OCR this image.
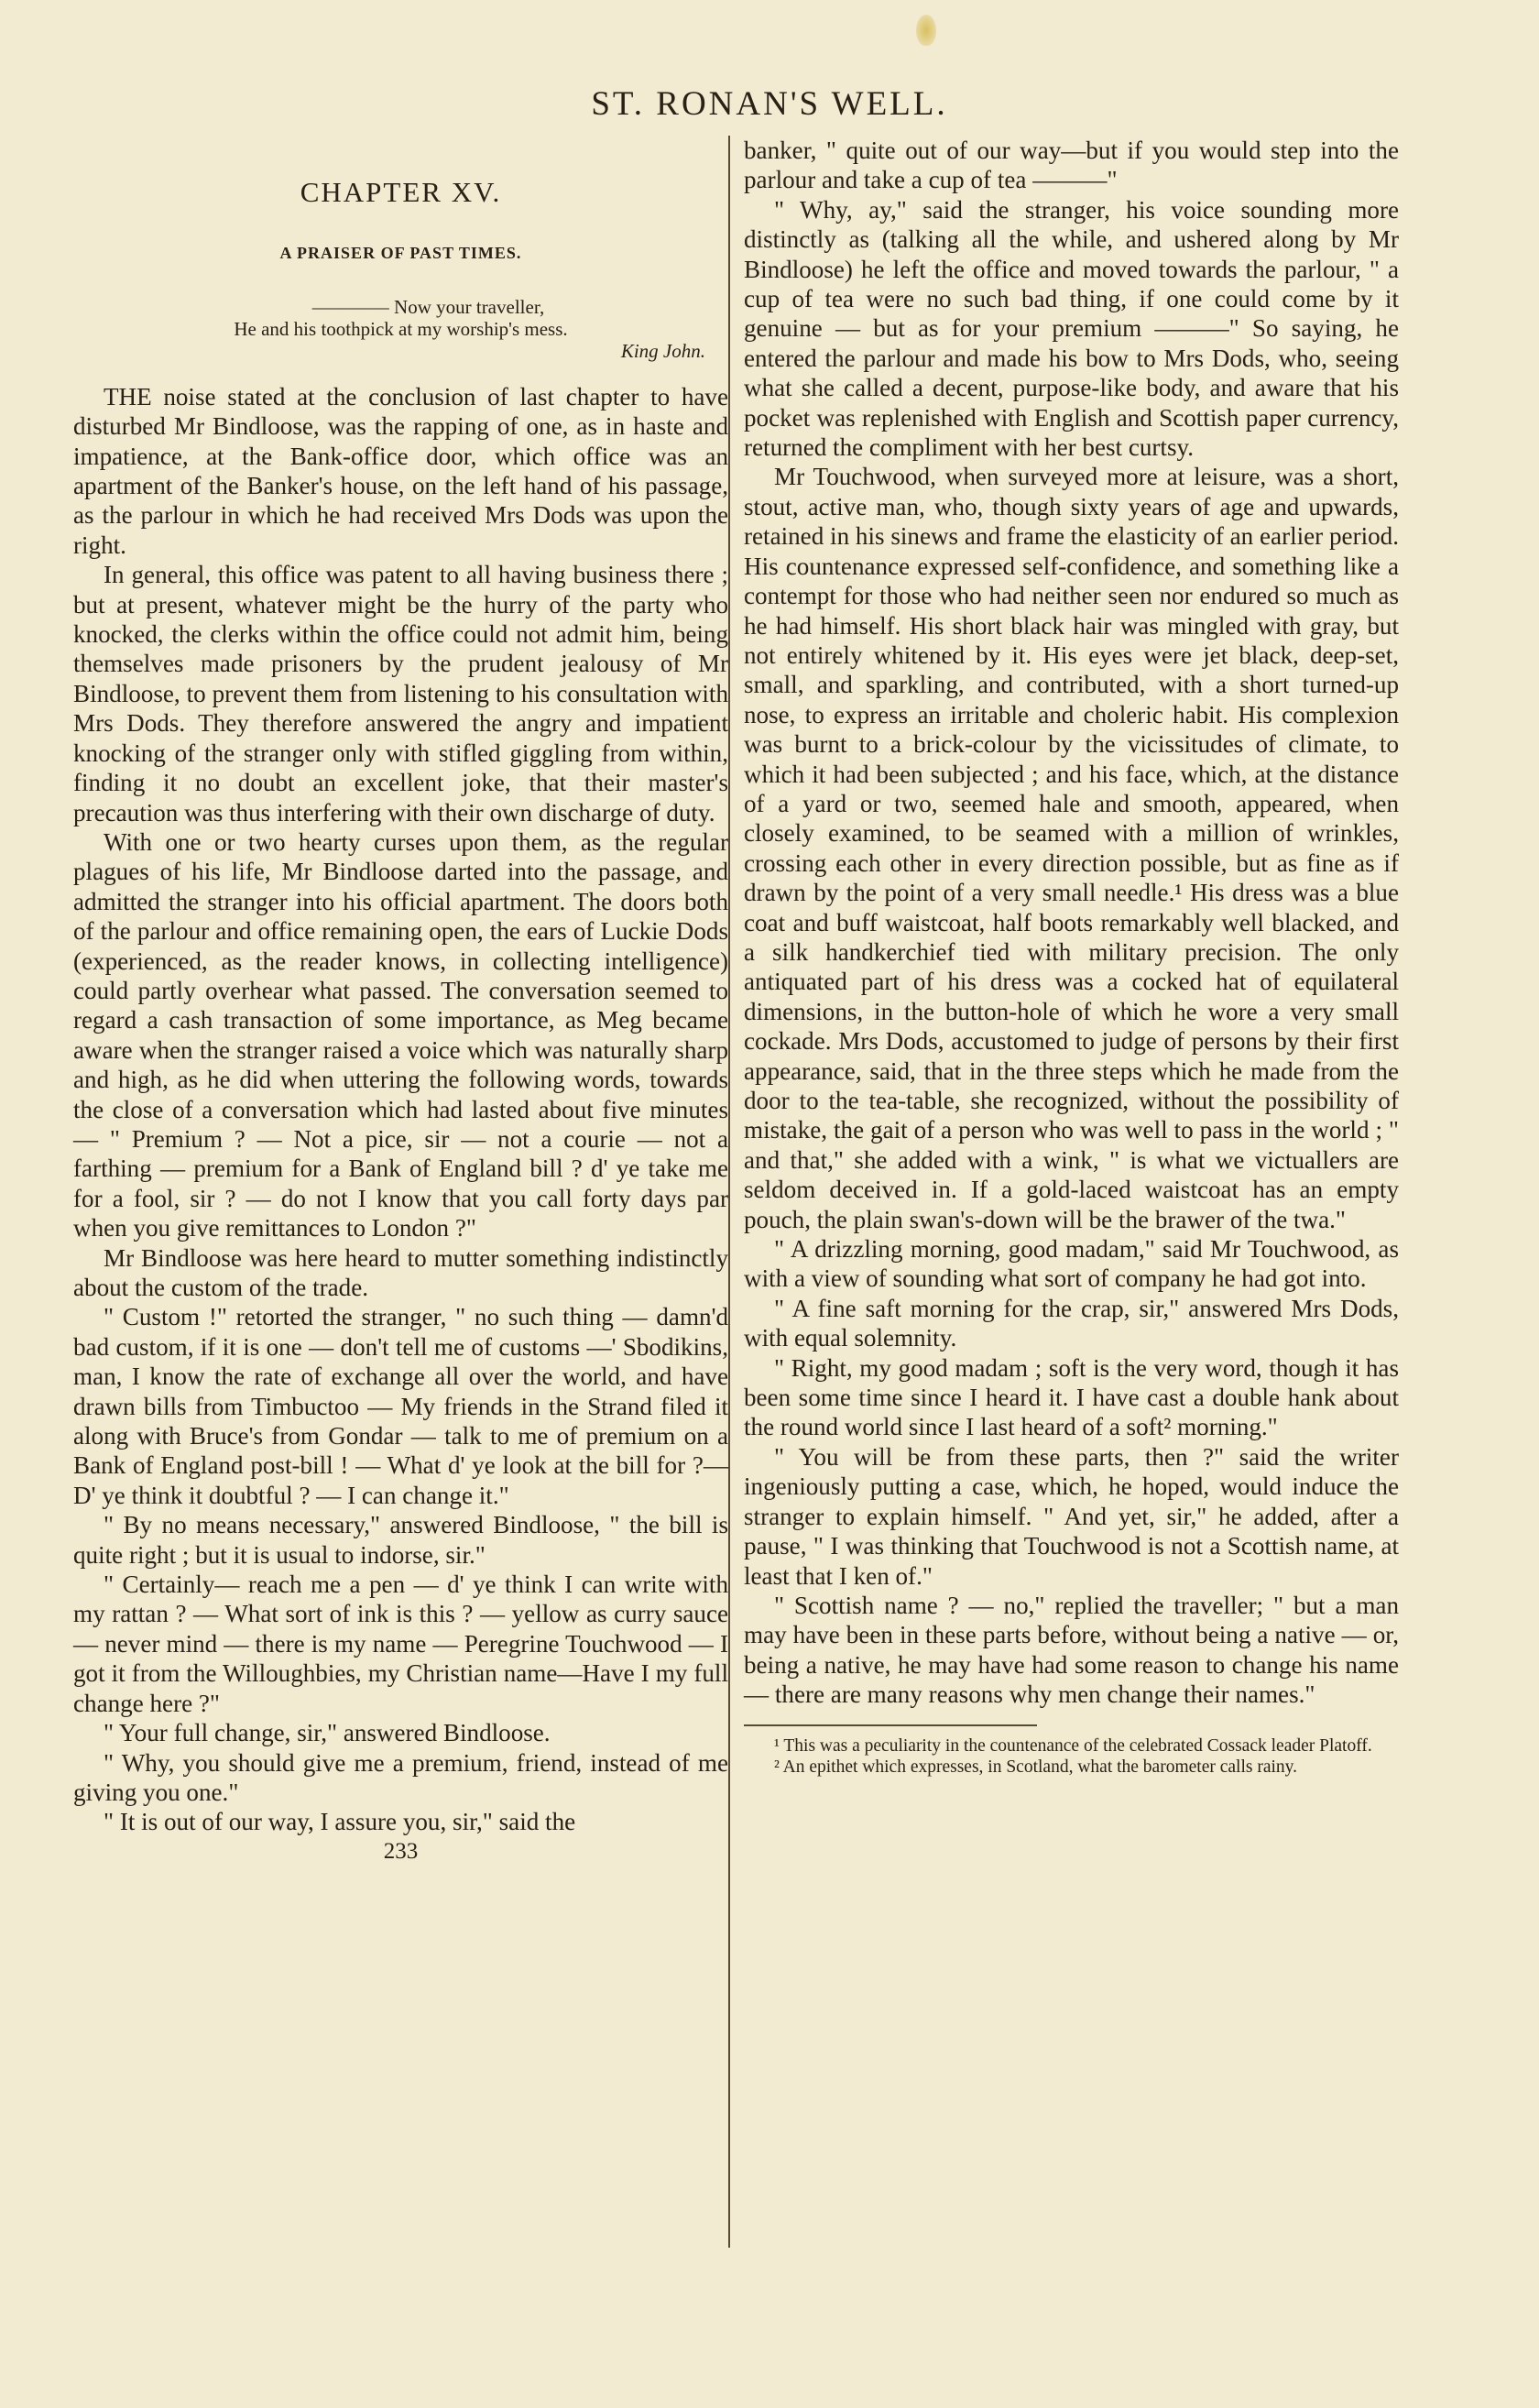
ST. RONAN'S WELL.
CHAPTER XV.
A PRAISER OF PAST TIMES.
———— Now your traveller,
He and his toothpick at my worship's mess.
King John.

THE noise stated at the conclusion of last chapter to have disturbed Mr Bindloose, was the rapping of one, as in haste and impatience, at the Bank-office door, which office was an apartment of the Banker's house, on the left hand of his passage, as the parlour in which he had received Mrs Dods was upon the right.

In general, this office was patent to all having business there ; but at present, whatever might be the hurry of the party who knocked, the clerks within the office could not admit him, being themselves made prisoners by the prudent jealousy of Mr Bindloose, to prevent them from listening to his consultation with Mrs Dods. They therefore answered the angry and impatient knocking of the stranger only with stifled giggling from within, finding it no doubt an excellent joke, that their master's precaution was thus interfering with their own discharge of duty.

With one or two hearty curses upon them, as the regular plagues of his life, Mr Bindloose darted into the passage, and admitted the stranger into his official apartment. The doors both of the parlour and office remaining open, the ears of Luckie Dods (experienced, as the reader knows, in collecting intelligence) could partly overhear what passed. The conversation seemed to regard a cash transaction of some importance, as Meg became aware when the stranger raised a voice which was naturally sharp and high, as he did when uttering the following words, towards the close of a conversation which had lasted about five minutes — " Premium ? — Not a pice, sir — not a courie — not a farthing — premium for a Bank of England bill ? d' ye take me for a fool, sir ? — do not I know that you call forty days par when you give remittances to London ?"

Mr Bindloose was here heard to mutter something indistinctly about the custom of the trade.

" Custom !" retorted the stranger, " no such thing — damn'd bad custom, if it is one — don't tell me of customs —' Sbodikins, man, I know the rate of exchange all over the world, and have drawn bills from Timbuctoo — My friends in the Strand filed it along with Bruce's from Gondar — talk to me of premium on a Bank of England post-bill ! — What d' ye look at the bill for ?—D' ye think it doubtful ? — I can change it."

" By no means necessary," answered Bindloose, " the bill is quite right ; but it is usual to indorse, sir."

" Certainly— reach me a pen — d' ye think I can write with my rattan ? — What sort of ink is this ? — yellow as curry sauce — never mind — there is my name — Peregrine Touchwood — I got it from the Willoughbies, my Christian name—Have I my full change here ?"

" Your full change, sir," answered Bindloose.

" Why, you should give me a premium, friend, instead of me giving you one."

" It is out of our way, I assure you, sir," said the

233

banker, " quite out of our way—but if you would step into the parlour and take a cup of tea ———"

" Why, ay," said the stranger, his voice sounding more distinctly as (talking all the while, and ushered along by Mr Bindloose) he left the office and moved towards the parlour, " a cup of tea were no such bad thing, if one could come by it genuine — but as for your premium ———" So saying, he entered the parlour and made his bow to Mrs Dods, who, seeing what she called a decent, purpose-like body, and aware that his pocket was replenished with English and Scottish paper currency, returned the compliment with her best curtsy.

Mr Touchwood, when surveyed more at leisure, was a short, stout, active man, who, though sixty years of age and upwards, retained in his sinews and frame the elasticity of an earlier period. His countenance expressed self-confidence, and something like a contempt for those who had neither seen nor endured so much as he had himself. His short black hair was mingled with gray, but not entirely whitened by it. His eyes were jet black, deep-set, small, and sparkling, and contributed, with a short turned-up nose, to express an irritable and choleric habit. His complexion was burnt to a brick-colour by the vicissitudes of climate, to which it had been subjected ; and his face, which, at the distance of a yard or two, seemed hale and smooth, appeared, when closely examined, to be seamed with a million of wrinkles, crossing each other in every direction possible, but as fine as if drawn by the point of a very small needle.¹ His dress was a blue coat and buff waistcoat, half boots remarkably well blacked, and a silk handkerchief tied with military precision. The only antiquated part of his dress was a cocked hat of equilateral dimensions, in the button-hole of which he wore a very small cockade. Mrs Dods, accustomed to judge of persons by their first appearance, said, that in the three steps which he made from the door to the tea-table, she recognized, without the possibility of mistake, the gait of a person who was well to pass in the world ; " and that," she added with a wink, " is what we victuallers are seldom deceived in. If a gold-laced waistcoat has an empty pouch, the plain swan's-down will be the brawer of the twa."

" A drizzling morning, good madam," said Mr Touchwood, as with a view of sounding what sort of company he had got into.

" A fine saft morning for the crap, sir," answered Mrs Dods, with equal solemnity.

" Right, my good madam ; soft is the very word, though it has been some time since I heard it. I have cast a double hank about the round world since I last heard of a soft² morning."

" You will be from these parts, then ?" said the writer ingeniously putting a case, which, he hoped, would induce the stranger to explain himself. " And yet, sir," he added, after a pause, " I was thinking that Touchwood is not a Scottish name, at least that I ken of."

" Scottish name ? — no," replied the traveller; " but a man may have been in these parts before, without being a native — or, being a native, he may have had some reason to change his name — there are many reasons why men change their names."

¹ This was a peculiarity in the countenance of the celebrated Cossack leader Platoff.

² An epithet which expresses, in Scotland, what the barometer calls rainy.
